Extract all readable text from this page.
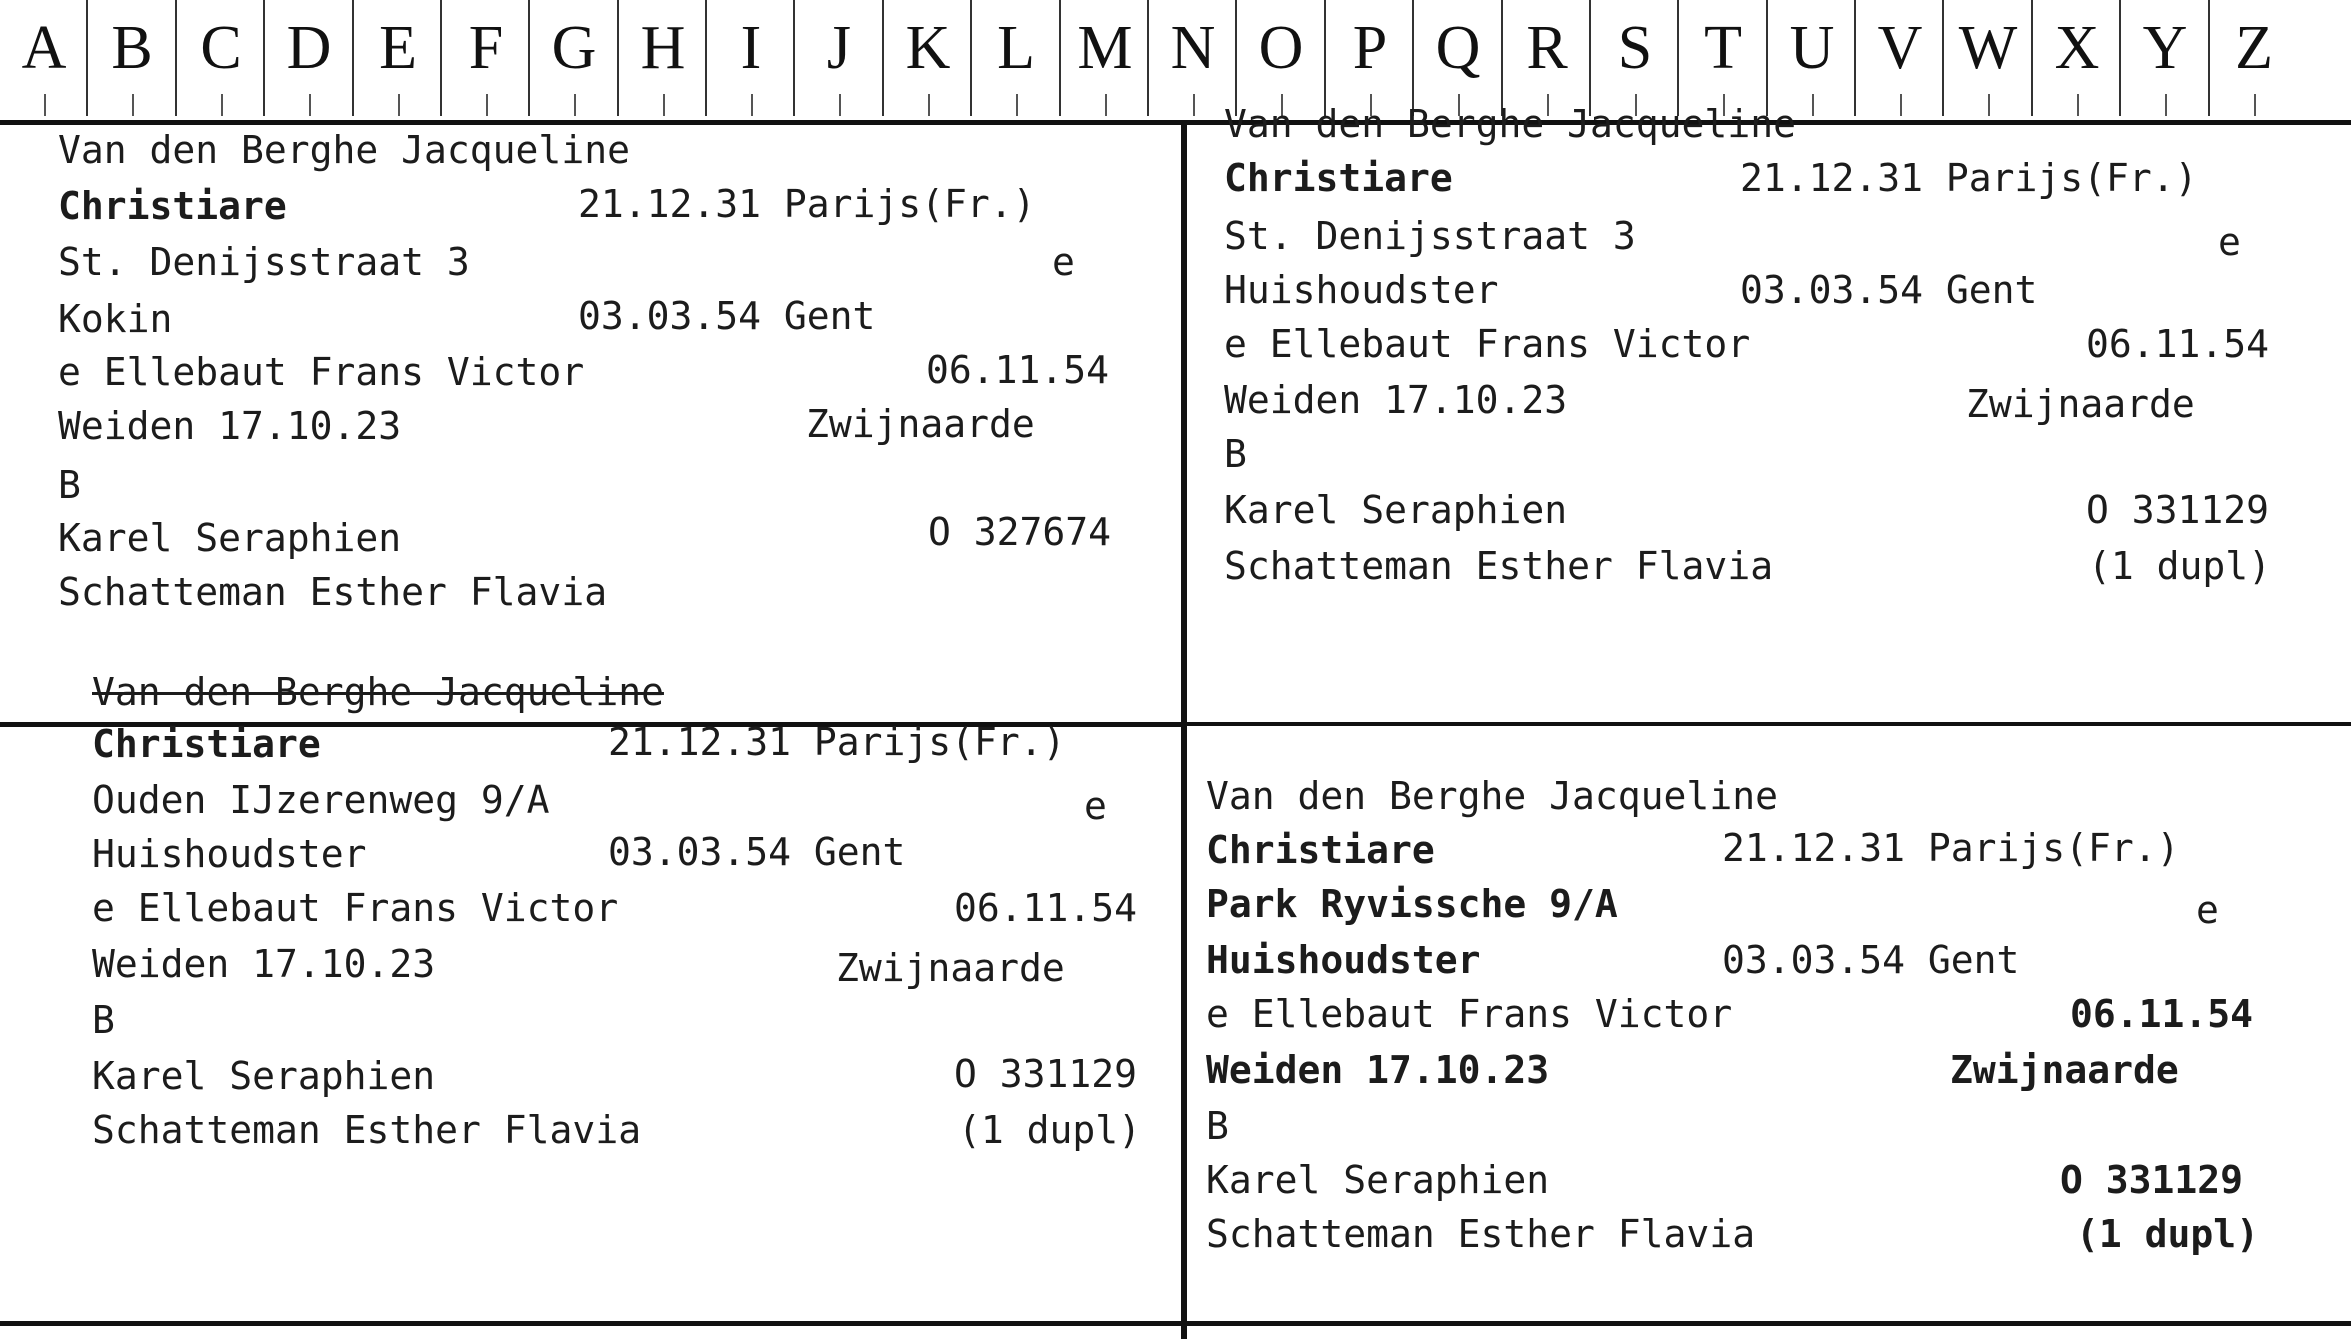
A B C D E F G H I	J K L M N O P Q R S T U V W X Y Z
Van den Berghe Jacqueline
Christiare	21.12.31 Parijs(Fr.)
St. Denijsstraat 3	e
Kokin	03.03.54 Gent
e Ellebaut Frans Victor	06.11.54
Weiden 17.10.23	Zwijnaarde
B
Karel Seraphien	O 327674
Schatteman Esther Flavia
Van den Berghe Jacqueline
Christiare	21.12.31 Parijs(Fr.)
St. Denijsstraat 3	e
Huishoudster	03.03.54 Gent
e Ellebaut Frans Victor	06.11.54
Weiden 17.10.23	Zwijnaarde
B
Karel Seraphien	O 331129
Schatteman Esther Flavia	(1 dupl)
Van den Berghe Jacqueline
Christiare	21.12.31 Parijs(Fr.)
Ouden IJzerenweg 9/A	e
Huishoudster	03.03.54 Gent
e Ellebaut Frans Victor	06.11.54
Weiden 17.10.23	Zwijnaarde
B
Karel Seraphien	O 331129
Schatteman Esther Flavia	(1 dupl)
Van den Berghe Jacqueline
Christiare	21.12.31 Parijs(Fr.)
Park Ryvissche 9/A	e
Huishoudster	03.03.54 Gent
e Ellebaut Frans Victor	06.11.54
Weiden 17.10.23	Zwijnaarde
B
Karel Seraphien	O 331129
Schatteman Esther Flavia	(1 dupl)
